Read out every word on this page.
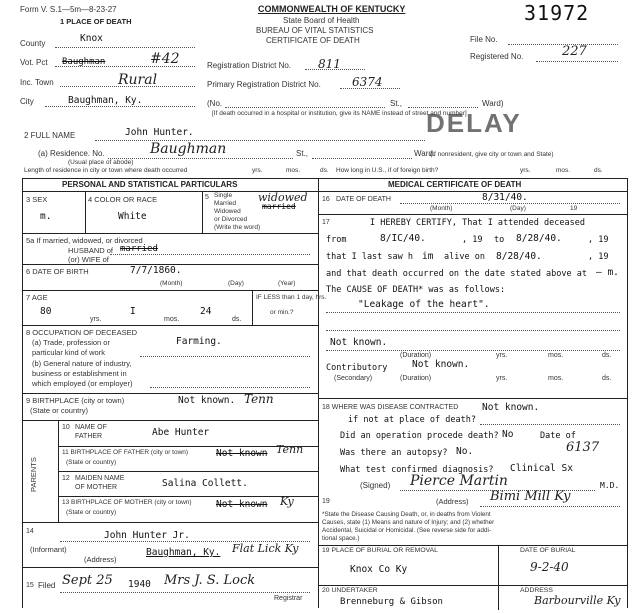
Form V. S.1—5m—8-23-27
1 PLACE OF DEATH
COMMONWEALTH OF KENTUCKY
State Board of Health
BUREAU OF VITAL STATISTICS
CERTIFICATE OF DEATH
31972
File No.
Registered No.	227
County	Knox
Vot. Pct Baughman	#42	Registration District No. 811
Inc. Town	Rural	Primary Registration District No.	6374
City	Baughman, Ky.	(No.	St.,	Ward)
[If death occurred in a hospital or institution, give its NAME instead of street and number]
DELAY
2 FULL NAME	John Hunter.
(a) Residence. No.	Baughman	St.,	Ward.
(Usual place of abode)
(If nonresident, give city or town and State)
Length of residence in city or town where death occurred	yrs.	mos.	ds. How long in U.S., if of foreign birth?	yrs.	mos.	ds.
PERSONAL AND STATISTICAL PARTICULARS	MEDICAL CERTIFICATE OF DEATH
3 SEX
m.
4 COLOR OR RACE
White
5 Single
Married
Widowed
or Divorced
(Write the word)
widowed
married
5a If married, widowed, or divorced
HUSBAND of married
(or) WIFE of
6 DATE OF BIRTH	7/7/1860.
(Month)	(Day)	(Year)
7 AGE
80
yrs.
I
mos.
24
ds.
IF LESS than 1 day, hrs.
or min.?
8 OCCUPATION OF DECEASED
(a) Trade, profession or
particular kind of work
Farming.
(b) General nature of industry,
business or establishment in
which employed (or employer)
9 BIRTHPLACE (city or town)
(State or country)
Not known. Tenn
PARENTS
10 NAME OF
FATHER	Abe Hunter
11 BIRTHPLACE OF FATHER (city or town)
(State or country)
Not known Tenn
12 MAIDEN NAME
OF MOTHER	Salina Collett.
13 BIRTHPLACE OF MOTHER (city or town)
(State or country)
Not known Ky
14	John Hunter Jr.
(Informant)
(Address)
Baughman, Ky. Flat Lick Ky
15 Filed Sept 25 1940 Mrs J. S. Lock
Registrar
16 DATE OF DEATH	8/31/40.
(Month)	(Day)	19
17	I HEREBY CERTIFY, That I attended deceased
from	8/IC/40.	, 19 to 8/28/40.	, 19
that I last saw h im alive on 8/28/40.	, 19
and that death occurred on the date stated above at — m.
The CAUSE OF DEATH* was as follows:
"Leakage of the heart".
Not known.
(Duration)	yrs.	mos.	ds.
Contributory	Not known.
(Secondary)	(Duration)	yrs.	mos.	ds.
18 WHERE WAS DISEASE CONTRACTED Not known.
if not at place of death?
Did an operation procede death? No	Date of
Was there an autopsy? No.	6137
What test confirmed diagnosis? Clinical Sx
(Signed) Pierce Martin	M.D.
19	(Address) Bimi Mill Ky
*State the Disease Causing Death, or, in deaths from Violent
Causes, state (1) Means and nature of Injury; and (2) whether
Accidental, Suicidal or Homicidal. (See reverse side for addi-
tional space.)
19 PLACE OF BURIAL OR REMOVAL	DATE OF BURIAL
Knox Co Ky	9-2-40
20 UNDERTAKER	ADDRESS
Brenneburg & Gibson	Barbourville Ky
